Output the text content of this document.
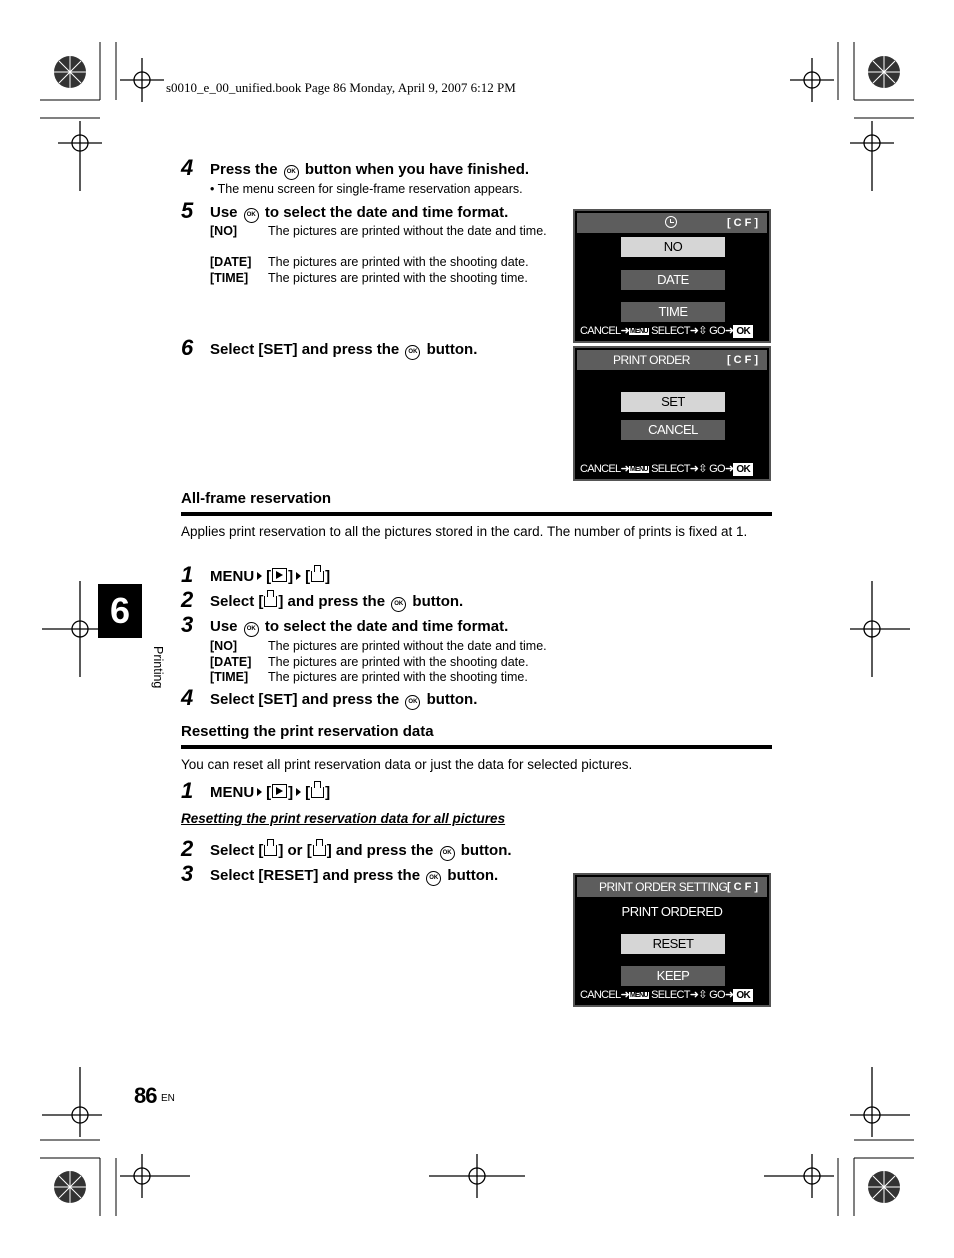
s0010_e_00_unified.book Page 86 Monday, April 9, 2007 6:12 PM
4 Press the OK button when you have finished.
• The menu screen for single-frame reservation appears.
5 Use OK to select the date and time format.
[NO] The pictures are printed without the date and time.
[DATE] The pictures are printed with the shooting date.
[TIME] The pictures are printed with the shooting time.
[CF]
NO
DATE
TIME
CANCEL➜MENU SELECT➜⇳ GO➜ OK
6 Select [SET] and press the OK button.
PRINT ORDER	[CF]
SET
CANCEL
CANCEL➜MENU SELECT➜⇳ GO➜ OK
All-frame reservation
Applies print reservation to all the pictures stored in the card. The number of prints is fixed at 1.
1 MENU [ ] [ ]
2 Select [ ] and press the OK button.
3 Use OK to select the date and time format.
[NO] The pictures are printed without the date and time.
[DATE] The pictures are printed with the shooting date.
[TIME] The pictures are printed with the shooting time.
4 Select [SET] and press the OK button.
Resetting the print reservation data
You can reset all print reservation data or just the data for selected pictures.
1 MENU [ ] [ ]
Resetting the print reservation data for all pictures
2 Select [ ] or [ ] and press the OK button.
3 Select [RESET] and press the OK button.
PRINT ORDER SETTING [CF]
PRINT ORDERED
RESET
KEEP
CANCEL➜MENU SELECT➜⇳ GO➜ OK
6
Printing
86 EN
